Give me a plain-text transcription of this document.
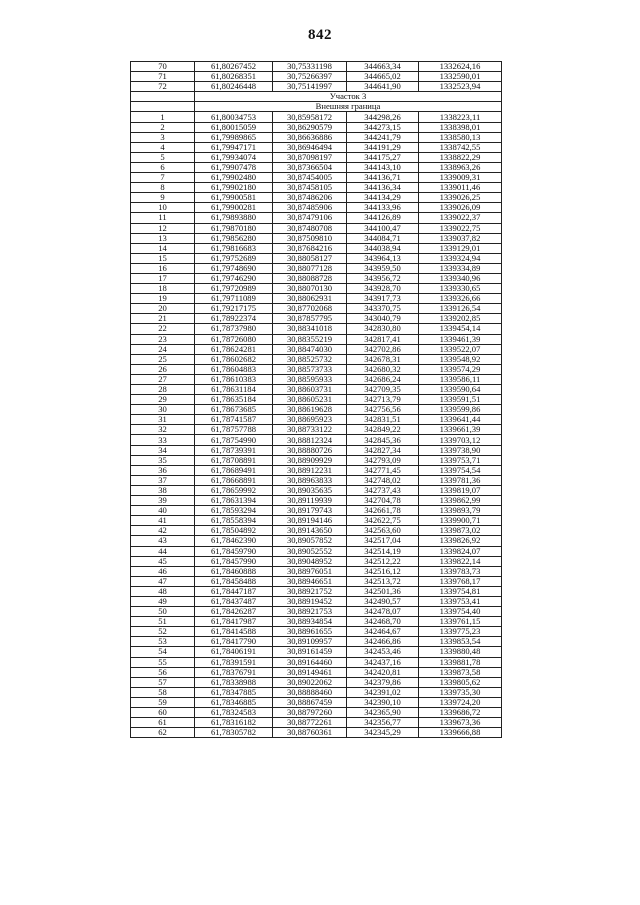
842
70	61,80267452	30,75331198	344663,34	1332624,16
71	61,80268351	30,75266397	344665,02	1332590,01
72	61,80246448	30,75141997	344641,90	1332523,94
	Участок 3			
	Внешняя граница			
1	61,80034753	30,85958172	344298,26	1338223,11
2	61,80015059	30,86290579	344273,15	1338398,01
3	61,79989865	30,86636886	344241,79	1338580,13
4	61,79947171	30,86946494	344191,29	1338742,55
5	61,79934074	30,87098197	344175,27	1338822,29
6	61,79907478	30,87366504	344143,10	1338963,26
7	61,79902480	30,87454005	344136,71	1339009,31
8	61,79902180	30,87458105	344136,34	1339011,46
9	61,79900581	30,87486206	344134,29	1339026,25
10	61,79900281	30,87485906	344133,96	1339026,09
11	61,79893880	30,87479106	344126,89	1339022,37
12	61,79870180	30,87480708	344100,47	1339022,75
13	61,79856280	30,87509810	344084,71	1339037,82
14	61,79816683	30,87684216	344038,94	1339129,01
15	61,79752689	30,88058127	343964,13	1339324,94
16	61,79748690	30,88077128	343959,50	1339334,89
17	61,79746290	30,88088728	343956,72	1339340,96
18	61,79720989	30,88070130	343928,70	1339330,65
19	61,79711089	30,88062931	343917,73	1339326,66
20	61,79217175	30,87702068	343370,75	1339126,54
21	61,78922374	30,87857795	343040,79	1339202,85
22	61,78737980	30,88341018	342830,80	1339454,14
23	61,78726080	30,88355219	342817,41	1339461,39
24	61,78624281	30,88474030	342702,86	1339522,07
25	61,78602682	30,88525732	342678,31	1339548,92
26	61,78604883	30,88573733	342680,32	1339574,29
27	61,78610383	30,88595933	342686,24	1339586,11
28	61,78631184	30,88603731	342709,35	1339590,64
29	61,78635184	30,88605231	342713,79	1339591,51
30	61,78673685	30,88619628	342756,56	1339599,86
31	61,78741587	30,88695923	342831,51	1339641,44
32	61,78757788	30,88733122	342849,22	1339661,39
33	61,78754990	30,88812324	342845,36	1339703,12
34	61,78739391	30,88880726	342827,34	1339738,90
35	61,78708891	30,88909929	342793,09	1339753,71
36	61,78689491	30,88912231	342771,45	1339754,54
37	61,78668891	30,88963833	342748,02	1339781,36
38	61,78659992	30,89035635	342737,43	1339819,07
39	61,78631394	30,89119939	342704,78	1339862,99
40	61,78593294	30,89179743	342661,78	1339893,79
41	61,78558394	30,89194146	342622,75	1339900,71
42	61,78504892	30,89143650	342563,60	1339873,02
43	61,78462390	30,89057852	342517,04	1339826,92
44	61,78459790	30,89052552	342514,19	1339824,07
45	61,78457990	30,89048952	342512,22	1339822,14
46	61,78460888	30,88976051	342516,12	1339783,73
47	61,78458488	30,88946651	342513,72	1339768,17
48	61,78447187	30,88921752	342501,36	1339754,81
49	61,78437487	30,88919452	342490,57	1339753,41
50	61,78426287	30,88921753	342478,07	1339754,40
51	61,78417987	30,88934854	342468,70	1339761,15
52	61,78414588	30,88961655	342464,67	1339775,23
53	61,78417790	30,89109957	342466,86	1339853,54
54	61,78406191	30,89161459	342453,46	1339880,48
55	61,78391591	30,89164460	342437,16	1339881,78
56	61,78376791	30,89149461	342420,81	1339873,58
57	61,78338988	30,89022062	342379,86	1339805,62
58	61,78347885	30,88888460	342391,02	1339735,30
59	61,78346885	30,88867459	342390,10	1339724,20
60	61,78324583	30,88797260	342365,90	1339686,72
61	61,78316182	30,88772261	342356,77	1339673,36
62	61,78305782	30,88760361	342345,29	1339666,88
